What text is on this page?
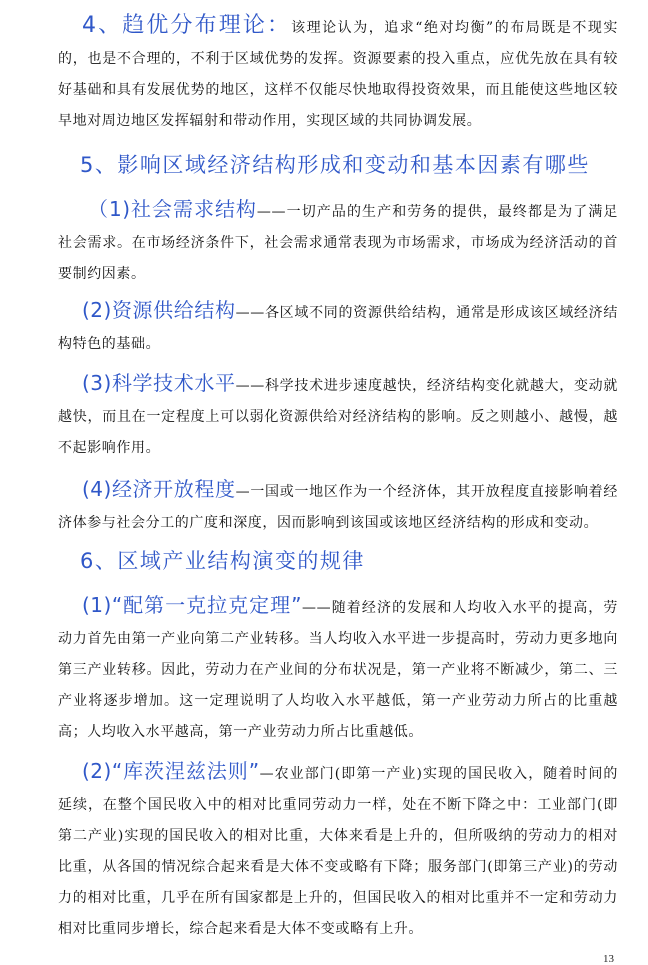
4、趋优分布理论：该理论认为，追求“绝对均衡”的布局既是不现实的，也是不合理的，不利于区域优势的发挥。资源要素的投入重点，应优先放在具有较好基础和具有发展优势的地区，这样不仅能尽快地取得投资效果，而且能使这些地区较早地对周边地区发挥辐射和带动作用，实现区域的共同协调发展。
5、影响区域经济结构形成和变动和基本因素有哪些
（1)社会需求结构——一切产品的生产和劳务的提供，最终都是为了满足社会需求。在市场经济条件下，社会需求通常表现为市场需求，市场成为经济活动的首要制约因素。
(2)资源供给结构——各区域不同的资源供给结构，通常是形成该区域经济结构特色的基础。
(3)科学技术水平——科学技术进步速度越快，经济结构变化就越大，变动就越快，而且在一定程度上可以弱化资源供给对经济结构的影响。反之则越小、越慢，越不起影响作用。
(4)经济开放程度—一国或一地区作为一个经济体，其开放程度直接影响着经济体参与社会分工的广度和深度，因而影响到该国或该地区经济结构的形成和变动。
6、区域产业结构演变的规律
(1)“配第一克拉克定理”——随着经济的发展和人均收入水平的提高，劳动力首先由第一产业向第二产业转移。当人均收入水平进一步提高时，劳动力更多地向第三产业转移。因此，劳动力在产业间的分布状况是，第一产业将不断减少，第二、三产业将逐步增加。这一定理说明了人均收入水平越低，第一产业劳动力所占的比重越高；人均收入水平越高，第一产业劳动力所占比重越低。
(2)“库茨涅兹法则”—农业部门(即第一产业)实现的国民收入，随着时间的延续，在整个国民收入中的相对比重同劳动力一样，处在不断下降之中：工业部门(即第二产业)实现的国民收入的相对比重，大体来看是上升的，但所吸纳的劳动力的相对比重，从各国的情况综合起来看是大体不变或略有下降；服务部门(即第三产业)的劳动力的相对比重，几乎在所有国家都是上升的，但国民收入的相对比重并不一定和劳动力相对比重同步增长，综合起来看是大体不变或略有上升。
13
